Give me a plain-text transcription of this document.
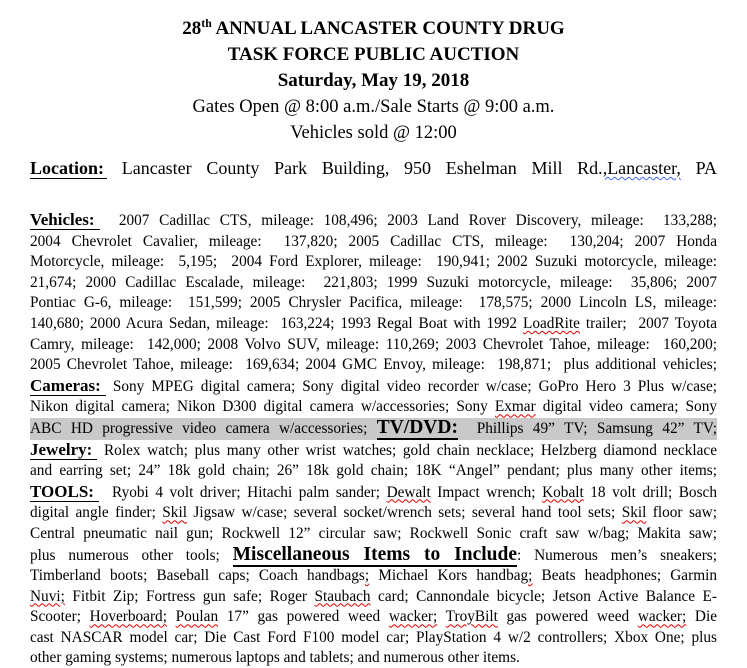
28th ANNUAL LANCASTER COUNTY DRUG
TASK FORCE PUBLIC AUCTION
Saturday, May 19, 2018
Gates Open @ 8:00 a.m./Sale Starts @ 9:00 a.m.
Vehicles sold @ 12:00
Location: Lancaster County Park Building, 950 Eshelman Mill Rd.,Lancaster, PA
Vehicles:  2007 Cadillac CTS, mileage: 108,496; 2003 Land Rover Discovery, mileage:  133,288;
2004 Chevrolet Cavalier, mileage:  137,820; 2005 Cadillac CTS, mileage:  130,204; 2007 Honda
Motorcycle, mileage:  5,195;  2004 Ford Explorer, mileage:  190,941; 2002 Suzuki motorcycle, mileage:
21,674; 2000 Cadillac Escalade, mileage:  221,803; 1999 Suzuki motorcycle, mileage:  35,806; 2007
Pontiac G-6, mileage:  151,599; 2005 Chrysler Pacifica, mileage:  178,575; 2000 Lincoln LS, mileage:
140,680; 2000 Acura Sedan, mileage:  163,224; 1993 Regal Boat with 1992 LoadRite trailer;  2007 Toyota
Camry, mileage:  142,000; 2008 Volvo SUV, mileage: 110,269; 2003 Chevrolet Tahoe, mileage:  160,200;
2005 Chevrolet Tahoe, mileage:  169,634; 2004 GMC Envoy, mileage:  198,871;  plus additional vehicles;
Cameras: Sony MPEG digital camera; Sony digital video recorder w/case; GoPro Hero 3 Plus w/case;
Nikon digital camera; Nikon D300 digital camera w/accessories; Sony Exmar digital video camera; Sony
ABC HD progressive video camera w/accessories; TV/DVD:  Phillips 49” TV; Samsung 42” TV;
Jewelry: Rolex watch; plus many other wrist watches; gold chain necklace; Helzberg diamond necklace
and earring set; 24” 18k gold chain; 26” 18k gold chain; 18K “Angel” pendant; plus many other items;
TOOLS:  Ryobi 4 volt driver; Hitachi palm sander; Dewalt Impact wrench; Kobalt 18 volt drill; Bosch
digital angle finder; Skil Jigsaw w/case; several socket/wrench sets; several hand tool sets; Skil floor saw;
Central pneumatic nail gun; Rockwell 12” circular saw; Rockwell Sonic craft saw w/bag; Makita saw;
plus numerous other tools; Miscellaneous Items to Include: Numerous men’s sneakers;
Timberland boots; Baseball caps; Coach handbags; Michael Kors handbag; Beats headphones; Garmin
Nuvi; Fitbit Zip; Fortress gun safe; Roger Staubach card; Cannondale bicycle; Jetson Active Balance E-
Scooter; Hoverboard; Poulan 17” gas powered weed wacker; TroyBilt gas powered weed wacker; Die
cast NASCAR model car; Die Cast Ford F100 model car; PlayStation 4 w/2 controllers; Xbox One; plus
other gaming systems; numerous laptops and tablets; and numerous other items.
